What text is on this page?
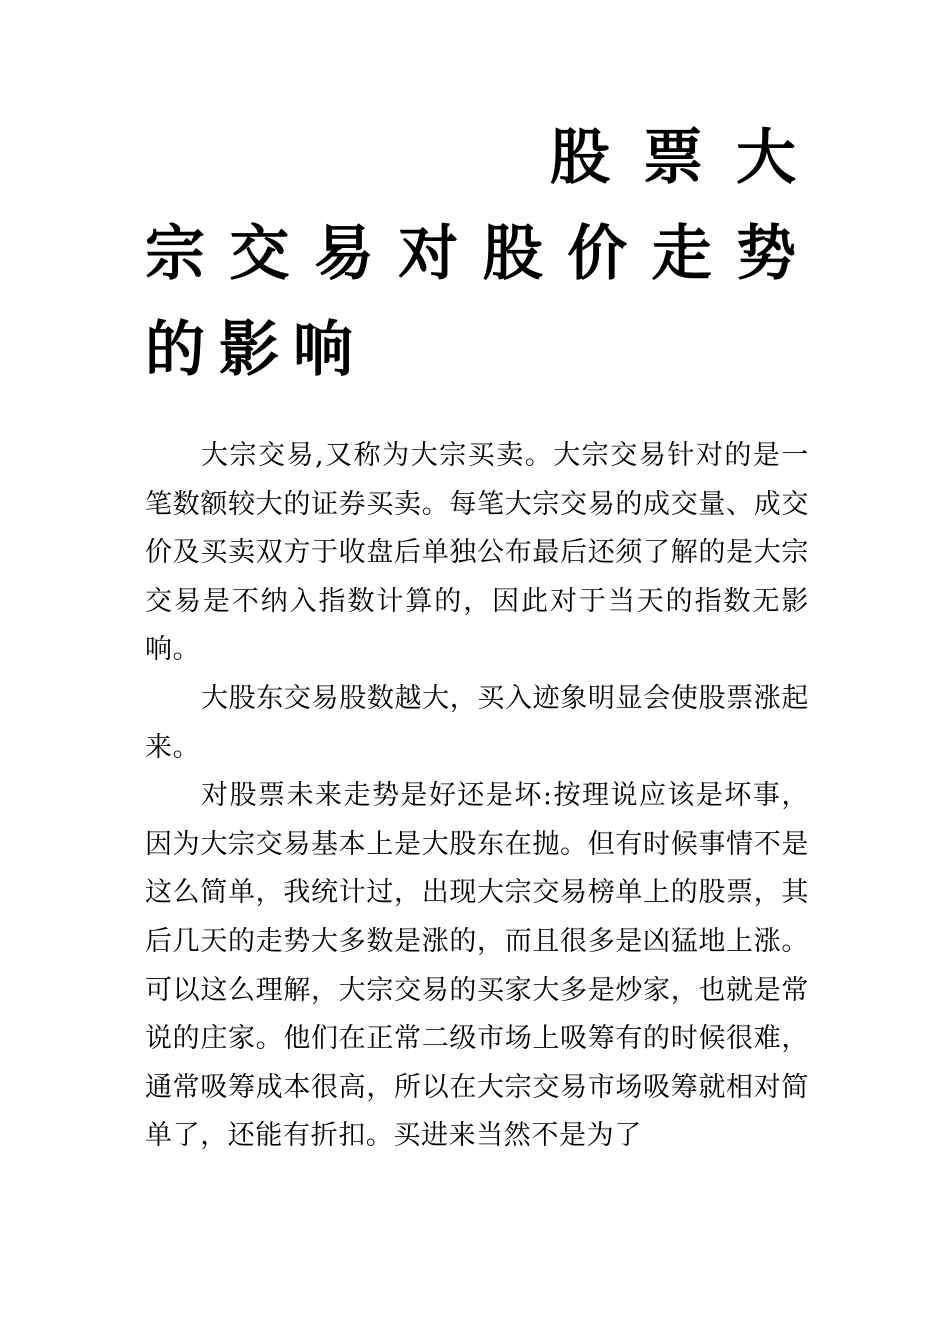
股票大宗交易对股价走势的影响

大宗交易,又称为大宗买卖。大宗交易针对的是一笔数额较大的证券买卖。每笔大宗交易的成交量、成交价及买卖双方于收盘后单独公布最后还须了解的是大宗交易是不纳入指数计算的，因此对于当天的指数无影响。

大股东交易股数越大，买入迹象明显会使股票涨起来。

对股票未来走势是好还是坏:按理说应该是坏事，因为大宗交易基本上是大股东在抛。但有时候事情不是这么简单，我统计过，出现大宗交易榜单上的股票，其后几天的走势大多数是涨的，而且很多是凶猛地上涨。可以这么理解，大宗交易的买家大多是炒家，也就是常说的庄家。他们在正常二级市场上吸筹有的时候很难，通常吸筹成本很高，所以在大宗交易市场吸筹就相对简单了，还能有折扣。买进来当然不是为了
